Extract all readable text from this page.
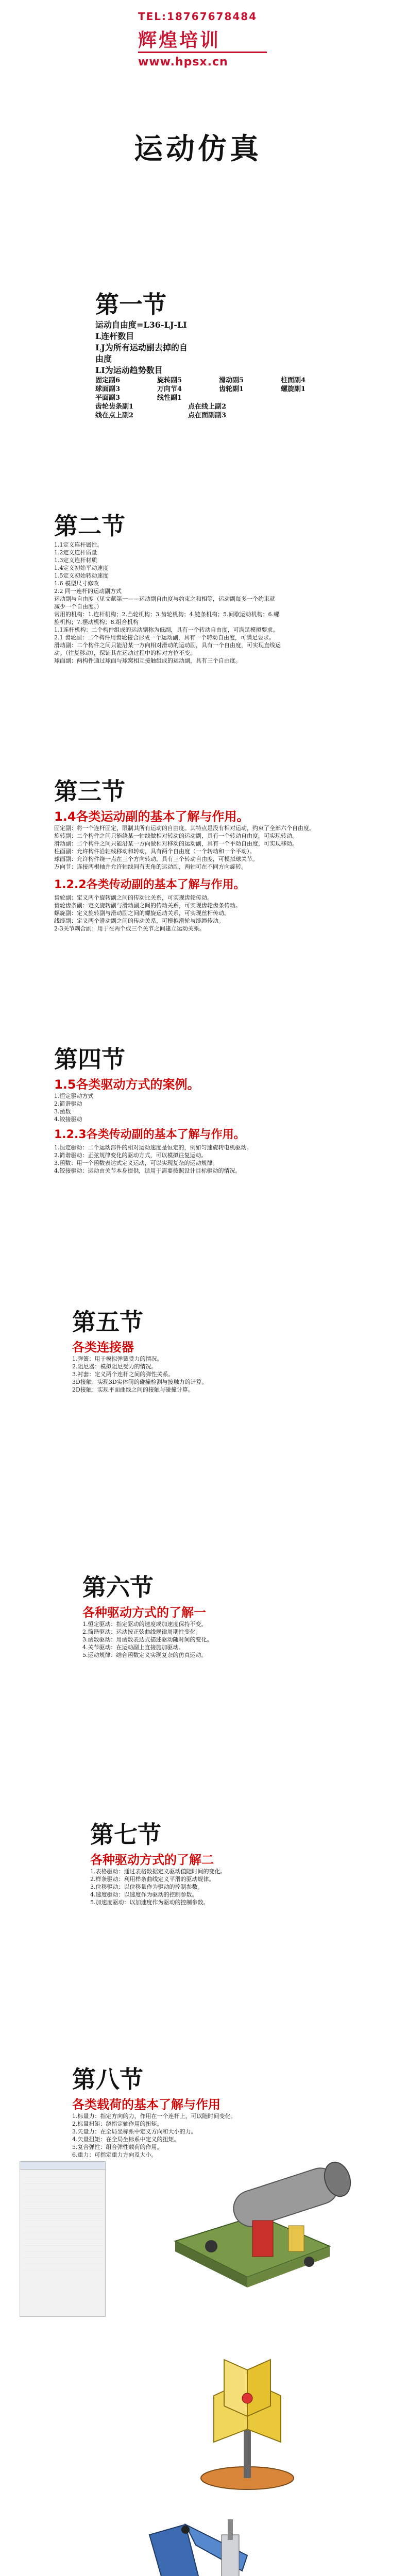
TEL:18767678484
辉煌培训
www.hpsx.cn
运动仿真
第一节
运动自由度=L36-LJ-LI
L连杆数目
LJ为所有运动副去掉的自
由度
LI为运动趋势数目
固定副6	旋转副5	滑动副5	柱面副4
球面副3	万向节4	齿轮副1	螺旋副1
平面副3	线性副1
齿轮齿条副1	点在线上副2
线在点上副2	点在面副副3
第二节
1.1定义连杆属性。
1.2定义连杆质量
1.3定义连杆材质
1.4定义初始平动速度
1.5定义初始转动速度
1.6 模型尺寸修改
2.2 同一连杆的运动副方式
运动副与自由度（见文献第一——运动副自由度与约束之和相等，运动副每多一个约束就
减少一个自由度。）
常用的机构：1.连杆机构；2.凸轮机构；3.齿轮机构；4.链条机构；5.间歇运动机构；6.螺
旋机构；7.摆动机构；8.组合机构
1.1连杆机构：二个构件组成的运动副称为低副，具有一个转动自由度，可满足模拟要求。
2.1 齿轮副：二个构件用齿轮接合形成一个运动副，具有一个转动自由度，可满足要求。
滑动副：二个构件之间只能沿某一方向相对滑动的运动副，具有一个自由度，可实现直线运
动。（往复移动），保证其在运动过程中的相对方位不变。
球面副：两构件通过球面与球窝相互接触组成的运动副，具有三个自由度。
第三节
1.4各类运动副的基本了解与作用。
固定副：将一个连杆固定，限制其所有运动的自由度。其特点是没有相对运动，约束了全部六个自由度。
旋转副：二个构件之间只能绕某一轴线做相对转动的运动副，具有一个转动自由度，可实现转动。
滑动副：二个构件之间只能沿某一方向做相对移动的运动副，具有一个平动自由度，可实现移动。
柱面副：允许构件沿轴线移动和转动，具有两个自由度（一个转动和一个平动）。
球面副：允许构件绕一点在三个方向转动，具有三个转动自由度，可模拟球关节。
万向节：连接两根轴并允许轴线间有夹角的运动副，两轴可在不同方向旋转。
1.2.2各类传动副的基本了解与作用。
齿轮副：定义两个旋转副之间的传动比关系，可实现齿轮传动。
齿轮齿条副：定义旋转副与滑动副之间的传动关系，可实现齿轮齿条传动。
螺旋副：定义旋转副与滑动副之间的螺旋运动关系，可实现丝杆传动。
线缆副：定义两个滑动副之间的传动关系，可模拟滑轮与缆绳传动。
2-3关节耦合副：用于在两个或三个关节之间建立运动关系。
第四节
1.5各类驱动方式的案例。
1.恒定驱动方式
2.简谐驱动
3.函数
4.铰接驱动
1.2.3各类传动副的基本了解与作用。
1.恒定驱动：二个运动部件的相对运动速度是恒定的，例如匀速旋转电机驱动。
2.简谐驱动：正弦规律变化的驱动方式，可以模拟往复运动。
3.函数：用一个函数表达式定义运动，可以实现复杂的运动规律。
4.铰接驱动：运动由关节本身提供，适用于需要按照设计目标驱动的情况。
第五节
各类连接器
1.弹簧：用于模拟弹簧受力的情况。
2.阻尼器：模拟阻尼受力的情况。
3.衬套：定义两个连杆之间的弹性关系。
3D接触：实现3D实体间的碰撞检测与接触力的计算。
2D接触：实现平面曲线之间的接触与碰撞计算。
第六节
各种驱动方式的了解一
1.恒定驱动：指定驱动的速度或加速度保持不变。
2.简谐驱动：运动按正弦曲线规律周期性变化。
3.函数驱动：用函数表达式描述驱动随时间的变化。
4.关节驱动：在运动副上直接施加驱动。
5.运动规律：结合函数定义实现复杂的仿真运动。
第七节
各种驱动方式的了解二
1.表格驱动：通过表格数据定义驱动值随时间的变化。
2.样条驱动：利用样条曲线定义平滑的驱动规律。
3.位移驱动：以位移量作为驱动的控制参数。
4.速度驱动：以速度作为驱动的控制参数。
5.加速度驱动：以加速度作为驱动的控制参数。
第八节
各类载荷的基本了解与作用
1.标量力：指定方向的力，作用在一个连杆上，可以随时间变化。
2.标量扭矩：绕指定轴作用的扭矩。
3.矢量力：在全局坐标系中定义方向和大小的力。
4.矢量扭矩：在全局坐标系中定义的扭矩。
5.复合弹性：组合弹性载荷的作用。
6.重力：可指定重力方向及大小。
